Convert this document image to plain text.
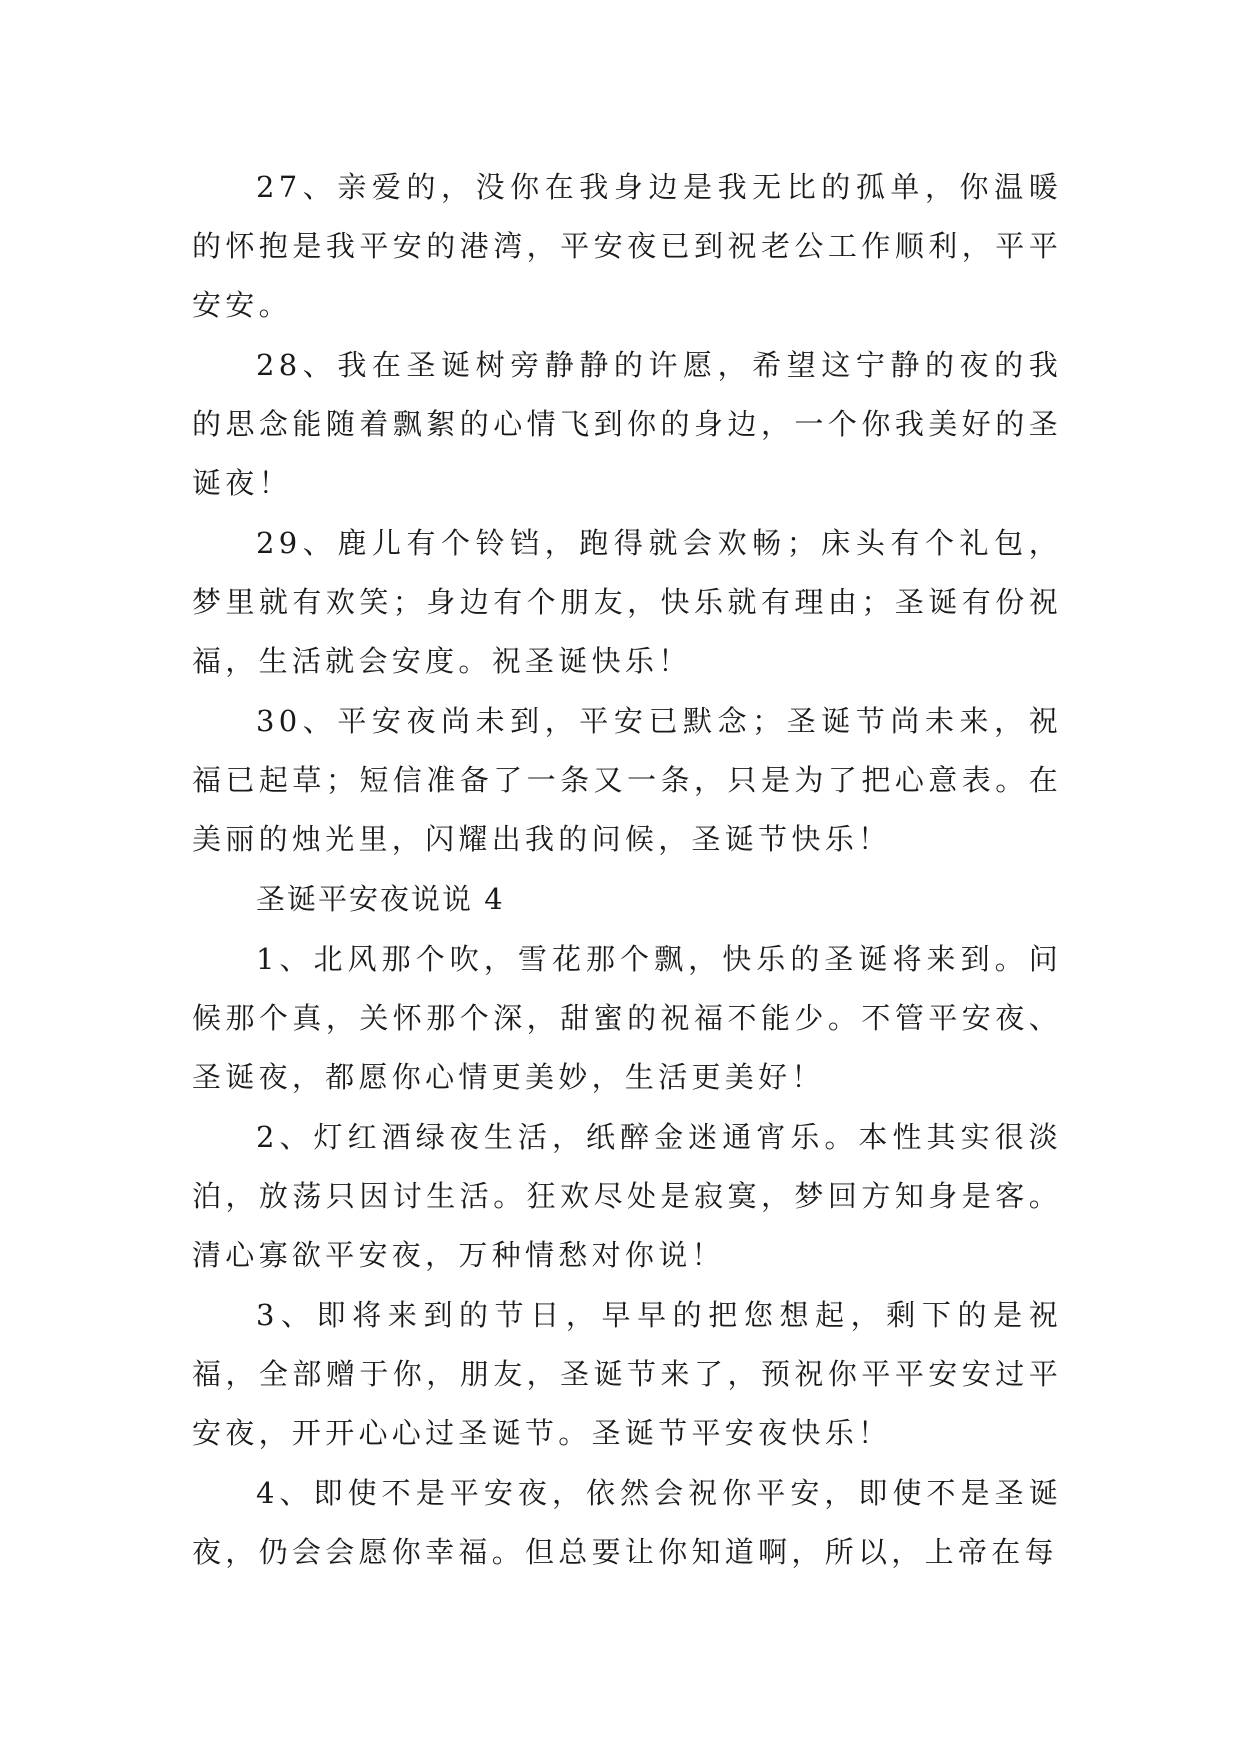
27、亲爱的，没你在我身边是我无比的孤单，你温暖的怀抱是我平安的港湾，平安夜已到祝老公工作顺利，平平安安。

28、我在圣诞树旁静静的许愿，希望这宁静的夜的我的思念能随着飘絮的心情飞到你的身边，一个你我美好的圣诞夜！

29、鹿儿有个铃铛，跑得就会欢畅；床头有个礼包，梦里就有欢笑；身边有个朋友，快乐就有理由；圣诞有份祝福，生活就会安度。祝圣诞快乐！

30、平安夜尚未到，平安已默念；圣诞节尚未来，祝福已起草；短信准备了一条又一条，只是为了把心意表。在美丽的烛光里，闪耀出我的问候，圣诞节快乐！

圣诞平安夜说说 4

1、北风那个吹，雪花那个飘，快乐的圣诞将来到。问候那个真，关怀那个深，甜蜜的祝福不能少。不管平安夜、圣诞夜，都愿你心情更美妙，生活更美好！

2、灯红酒绿夜生活，纸醉金迷通宵乐。本性其实很淡泊，放荡只因讨生活。狂欢尽处是寂寞，梦回方知身是客。清心寡欲平安夜，万种情愁对你说！

3、即将来到的节日，早早的把您想起，剩下的是祝福，全部赠于你，朋友，圣诞节来了，预祝你平平安安过平安夜，开开心心过圣诞节。圣诞节平安夜快乐！

4、即使不是平安夜，依然会祝你平安，即使不是圣诞夜，仍会会愿你幸福。但总要让你知道啊，所以，上帝在每
